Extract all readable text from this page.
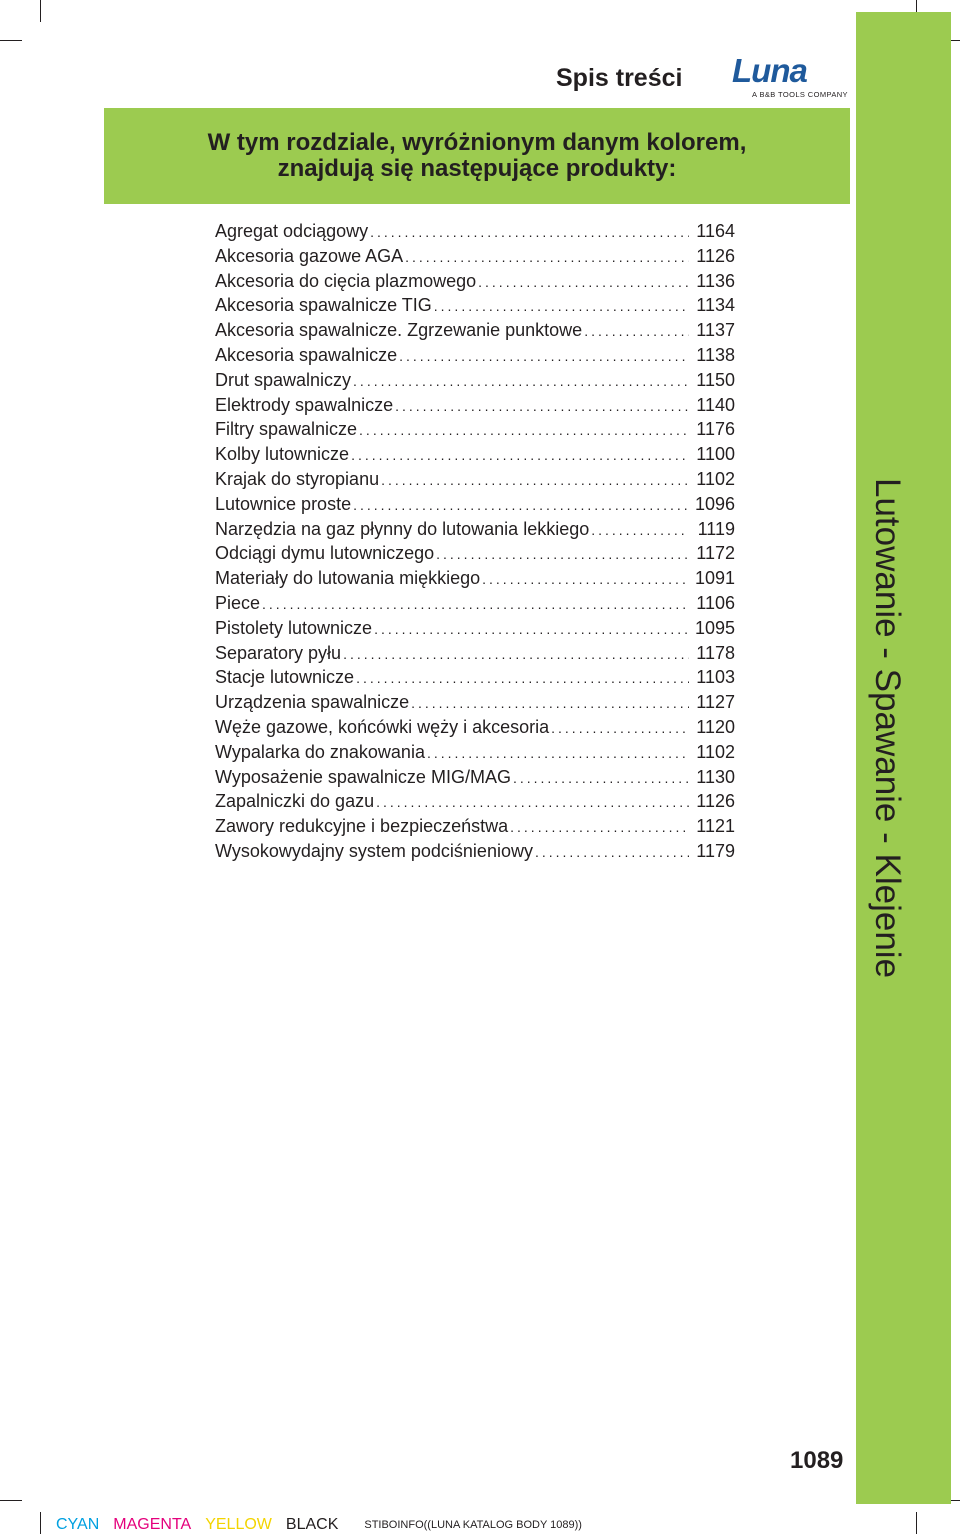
Lutowanie - Spawanie - Klejenie
Spis treści	Luna
A B&B TOOLS COMPANY
W tym rozdziale, wyróżnionym danym kolorem,
znajdują się następujące produkty:
Agregat odciągowy .....	1164
Akcesoria gazowe AGA .....	1126
Akcesoria do cięcia plazmowego .....	1136
Akcesoria spawalnicze TIG .....	1134
Akcesoria spawalnicze. Zgrzewanie punktowe .....	1137
Akcesoria spawalnicze .....	1138
Drut spawalniczy .....	1150
Elektrody spawalnicze .....	1140
Filtry spawalnicze .....	1176
Kolby lutownicze .....	1100
Krajak do styropianu .....	1102
Lutownice proste .....	1096
Narzędzia na gaz płynny do lutowania lekkiego .....	1119
Odciągi dymu lutowniczego .....	1172
Materiały do lutowania miękkiego .....	1091
Piece .....	1106
Pistolety lutownicze .....	1095
Separatory pyłu .....	1178
Stacje lutownicze .....	1103
Urządzenia spawalnicze .....	1127
Węże gazowe, końcówki węży i akcesoria .....	1120
Wypalarka do znakowania .....	1102
Wyposażenie spawalnicze MIG/MAG .....	1130
Zapalniczki do gazu .....	1126
Zawory redukcyjne i bezpieczeństwa .....	1121
Wysokowydajny system podciśnieniowy .....	1179
1089
CYAN MAGENTA YELLOW BLACK STIBOINFO((LUNA KATALOG BODY 1089))
